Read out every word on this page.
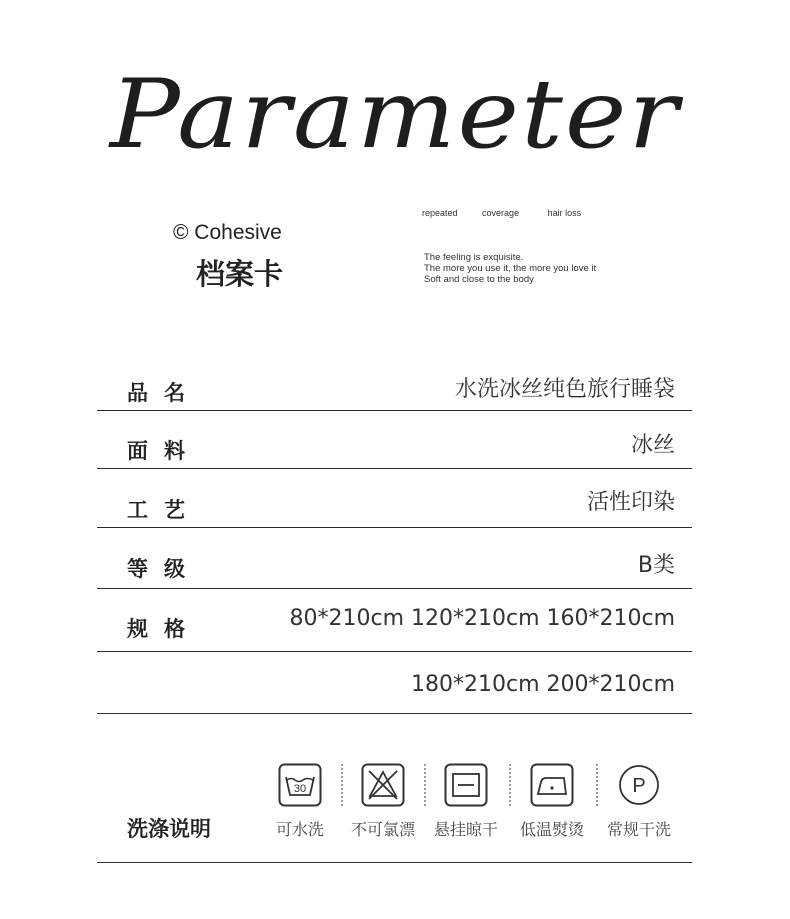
Parameter
© Cohesive
档案卡
repeated	coverage	hair loss
The feeling is exquisite.
The more you use it, the more you love it
Soft and close to the body
品名	水洗冰丝纯色旅行睡袋
面料	冰丝
工艺	活性印染
等级	B类
规格	80*210cm 120*210cm 160*210cm
180*210cm 200*210cm
洗涤说明
30
可水洗	不可氯漂	悬挂晾干	低温熨烫
P
常规干洗
